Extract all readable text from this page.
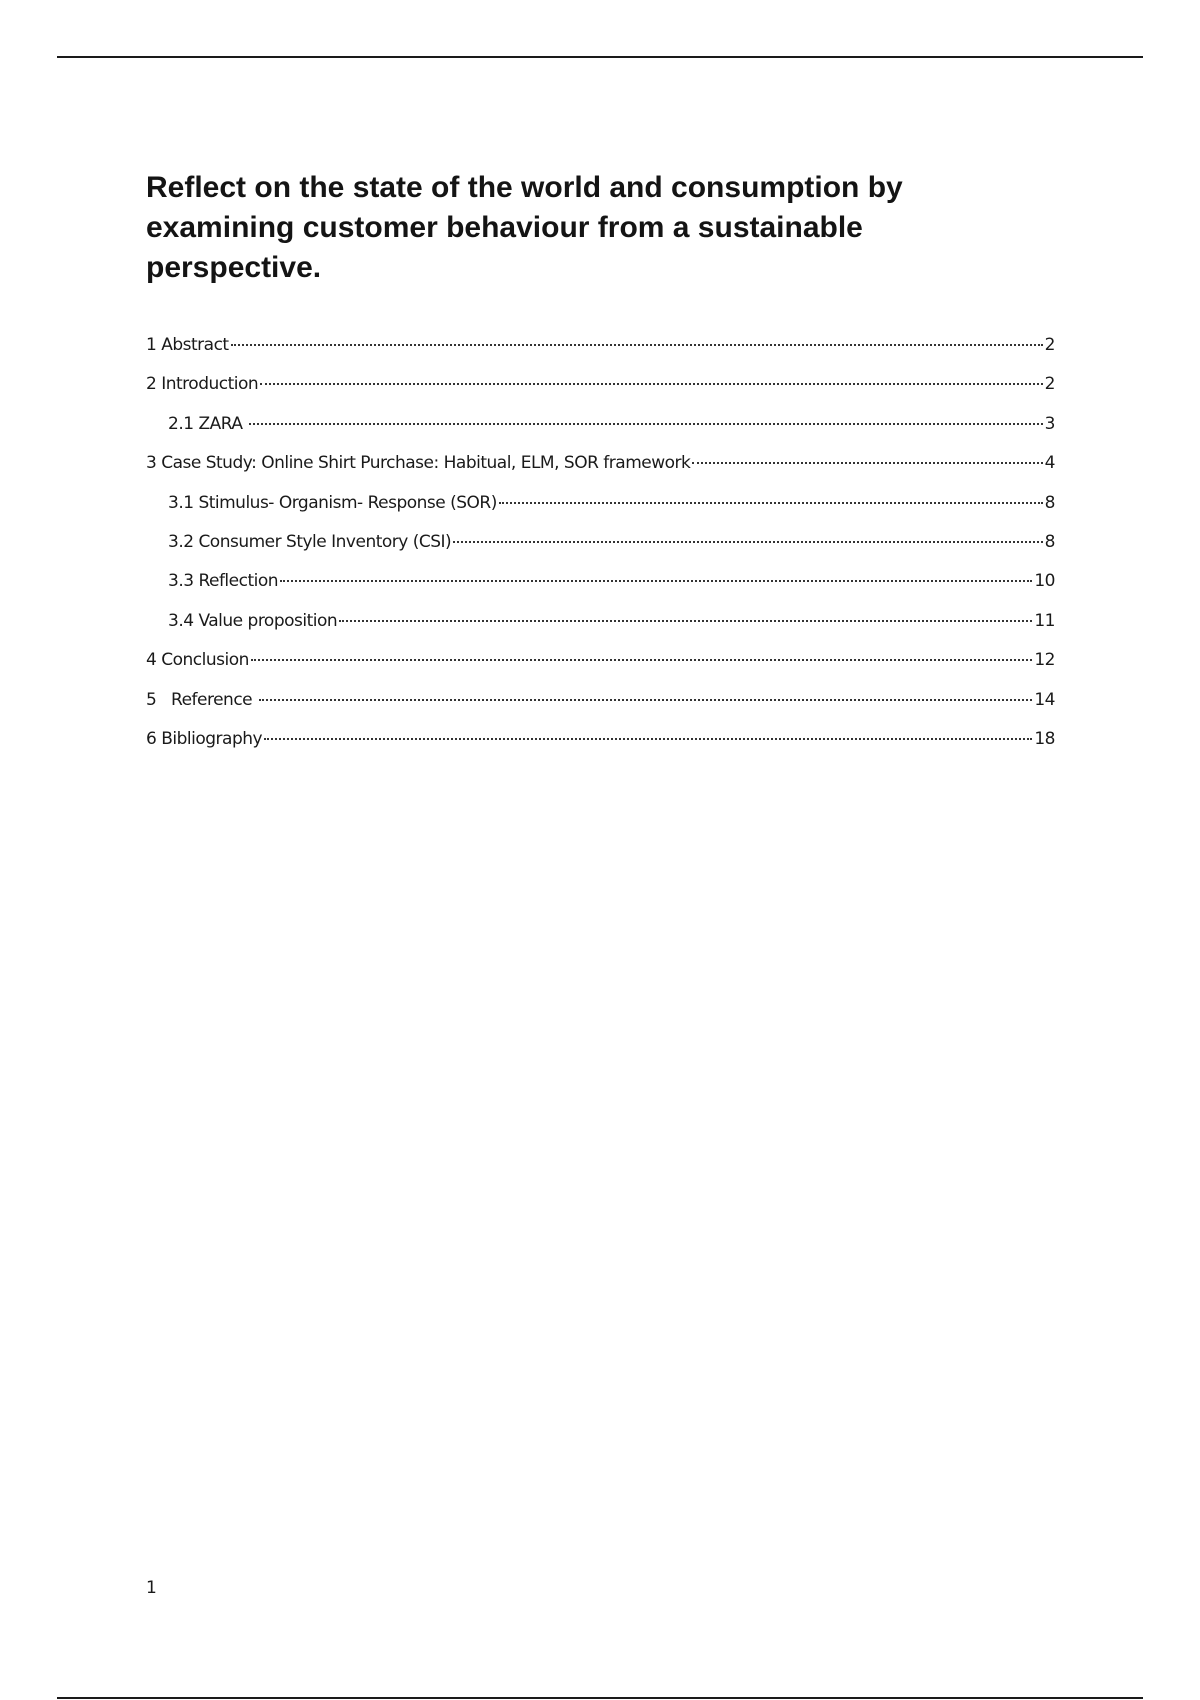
Reflect on the state of the world and consumption by examining customer behaviour from a sustainable perspective.
1 Abstract	2
2 Introduction	2
2.1 ZARA	3
3 Case Study: Online Shirt Purchase: Habitual, ELM, SOR framework	4
3.1 Stimulus- Organism- Response (SOR)	8
3.2 Consumer Style Inventory (CSI)	8
3.3 Reflection	10
3.4 Value proposition	11
4 Conclusion	12
5   Reference	14
6 Bibliography	18
1
